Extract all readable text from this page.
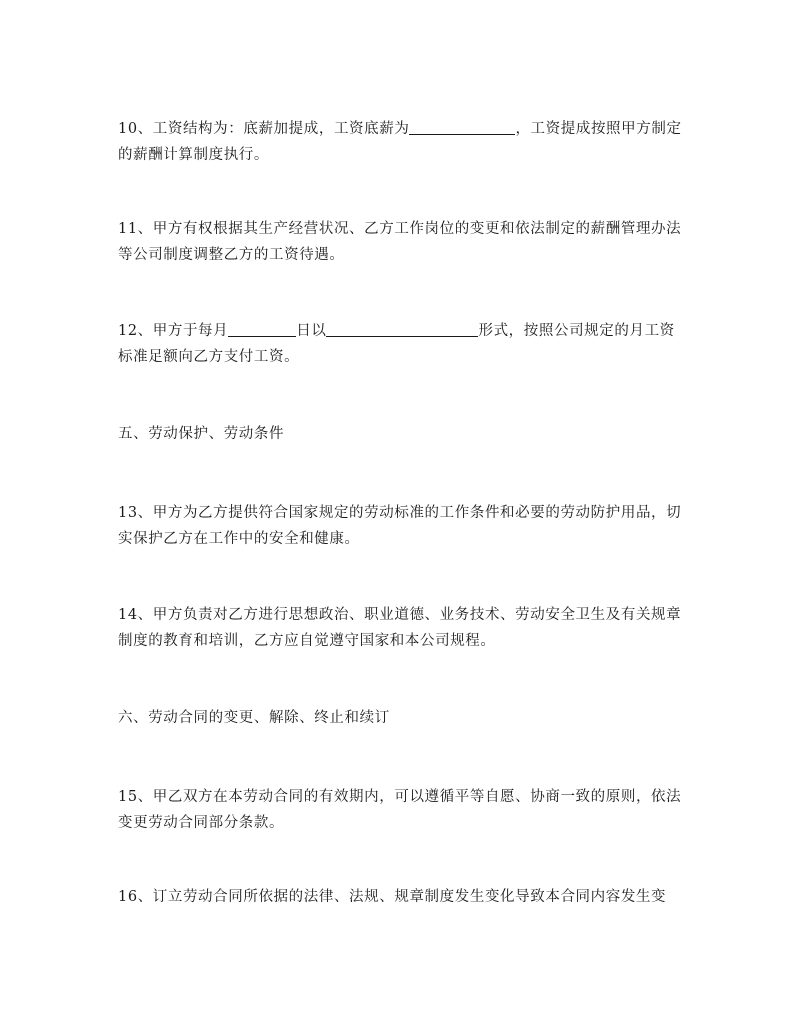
10、工资结构为：底薪加提成，工资底薪为	，工资提成按照甲方制定的薪酬计算制度执行。

11、甲方有权根据其生产经营状况、乙方工作岗位的变更和依法制定的薪酬管理办法等公司制度调整乙方的工资待遇。

12、甲方于每月	日以	形式，按照公司规定的月工资标准足额向乙方支付工资。

五、劳动保护、劳动条件

13、甲方为乙方提供符合国家规定的劳动标准的工作条件和必要的劳动防护用品，切实保护乙方在工作中的安全和健康。

14、甲方负责对乙方进行思想政治、职业道德、业务技术、劳动安全卫生及有关规章制度的教育和培训，乙方应自觉遵守国家和本公司规程。

六、劳动合同的变更、解除、终止和续订

15、甲乙双方在本劳动合同的有效期内，可以遵循平等自愿、协商一致的原则，依法变更劳动合同部分条款。

16、订立劳动合同所依据的法律、法规、规章制度发生变化导致本合同内容发生变
